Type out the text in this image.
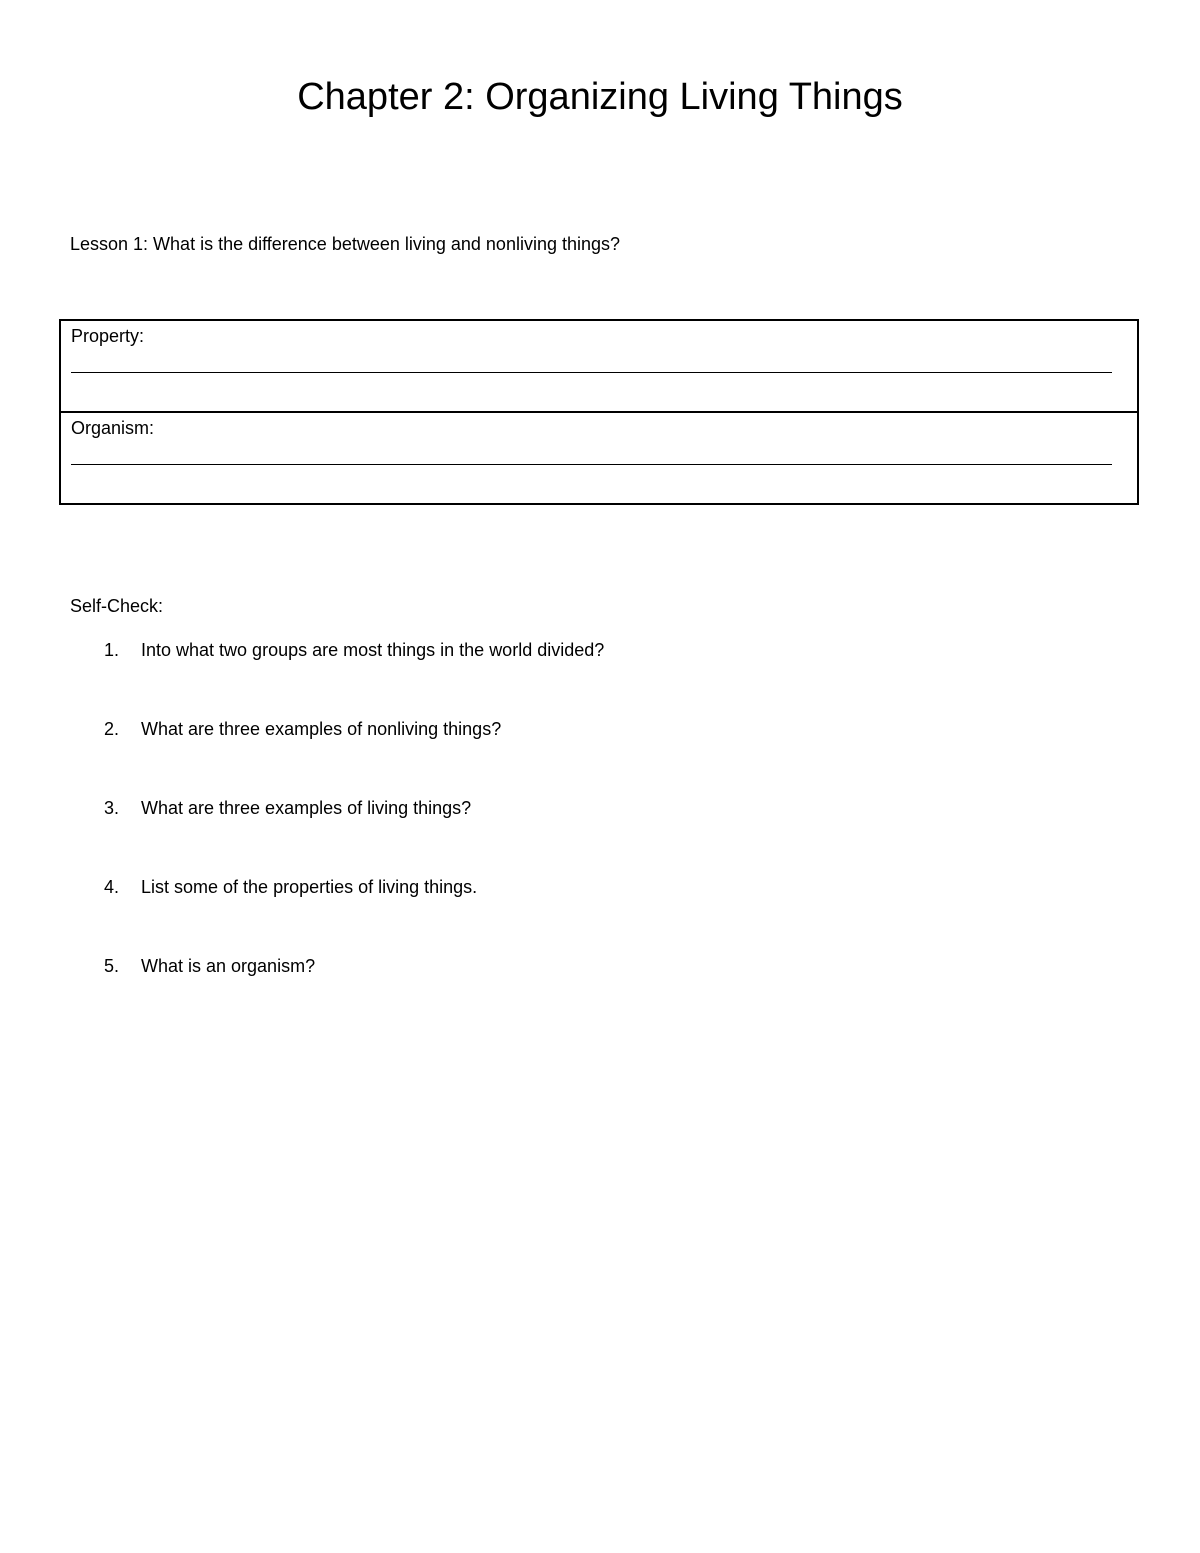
Chapter 2: Organizing Living Things

Lesson 1: What is the difference between living and nonliving things?

Property:
Organism:

Self-Check:

1. Into what two groups are most things in the world divided?
2. What are three examples of nonliving things?
3. What are three examples of living things?
4. List some of the properties of living things.
5. What is an organism?
